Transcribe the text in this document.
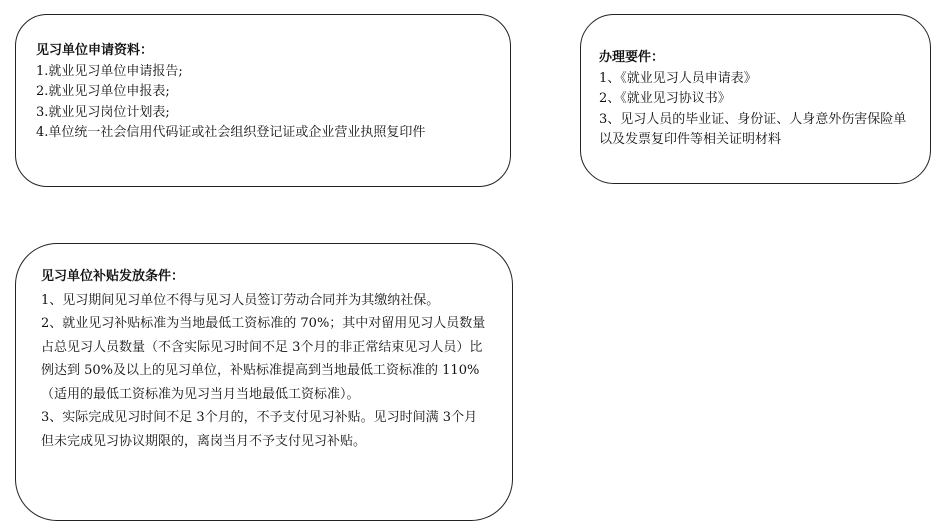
见习单位申请资料：
1.就业见习单位申请报告;
2.就业见习单位申报表;
3.就业见习岗位计划表;
4.单位统一社会信用代码证或社会组织登记证或企业营业执照复印件
办理要件：
1、《就业见习人员申请表》
2、《就业见习协议书》
3、见习人员的毕业证、身份证、人身意外伤害保险单以及发票复印件等相关证明材料
见习单位补贴发放条件：
1、见习期间见习单位不得与见习人员签订劳动合同并为其缴纳社保。
2、就业见习补贴标准为当地最低工资标准的 70%；其中对留用见习人员数量占总见习人员数量（不含实际见习时间不足 3个月的非正常结束见习人员）比例达到 50%及以上的见习单位，补贴标准提高到当地最低工资标准的 110%（适用的最低工资标准为见习当月当地最低工资标准）。
3、实际完成见习时间不足 3个月的，不予支付见习补贴。见习时间满 3个月但未完成见习协议期限的，离岗当月不予支付见习补贴。
